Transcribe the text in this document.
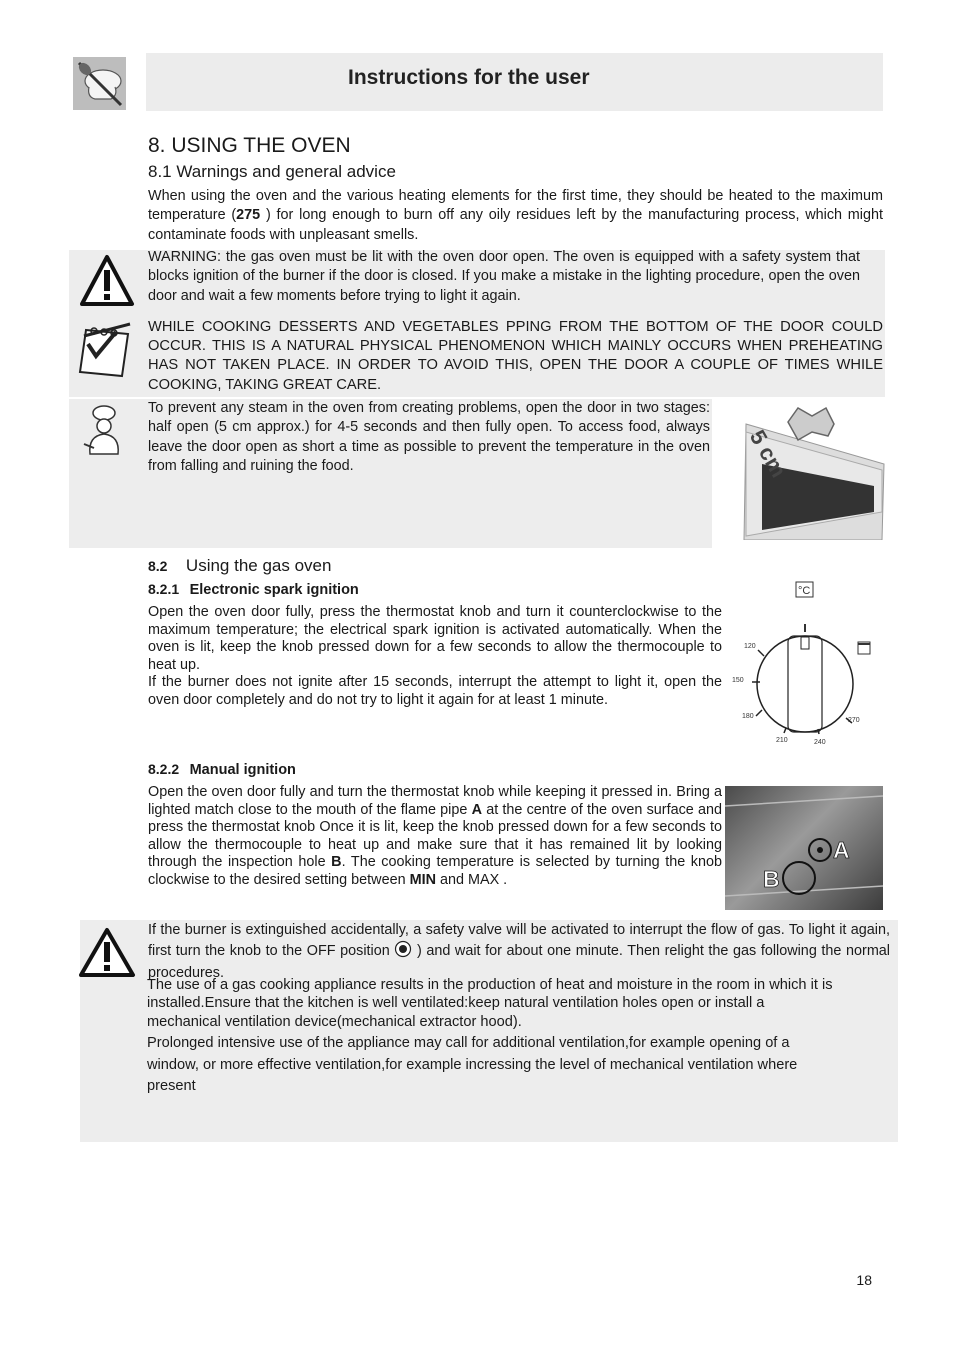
Instructions for the user
8. USING THE OVEN
8.1 Warnings and general advice
When using the oven and the various heating elements for the first time, they should be heated to the maximum temperature (275 ) for long enough to burn off any oily residues left by the manufacturing process, which might contaminate foods with unpleasant smells.
WARNING: the gas oven must be lit with the oven door open. The oven is equipped with a safety system that blocks ignition of the burner if the door is closed. If you make a mistake in the lighting procedure, open the oven door and wait a few moments before trying to light it again.
WHILE COOKING DESSERTS AND VEGETABLES PPING FROM THE BOTTOM OF THE DOOR COULD OCCUR. THIS IS A NATURAL PHYSICAL PHENOMENON WHICH MAINLY OCCURS WHEN PREHEATING HAS NOT TAKEN PLACE. IN ORDER TO AVOID THIS, OPEN THE DOOR A COUPLE OF TIMES WHILE COOKING, TAKING GREAT CARE.
To prevent any steam in the oven from creating problems, open the door in two stages: half open (5 cm approx.) for 4-5 seconds and then fully open. To access food, always leave the door open as short a time as possible to prevent the temperature in the oven from falling and ruining the food.	5 cm
8.2 Using the gas oven
8.2.1 Electronic spark ignition
Open the oven door fully, press the thermostat knob and turn it counterclockwise to the maximum temperature; the electrical spark ignition is activated automatically. When the oven is lit, keep the knob pressed down for a few seconds to allow the thermocouple to heat up.
If the burner does not ignite after 15 seconds, interrupt the attempt to light it, open the oven door completely and do not try to light it again for at least 1 minute.
°C
120
150
180
210	240
270
8.2.2 Manual ignition
Open the oven door fully and turn the thermostat knob while keeping it pressed in. Bring a lighted match close to the mouth of the flame pipe A at the centre of the oven surface and press the thermostat knob Once it is lit, keep the knob pressed down for a few seconds to allow the thermocouple to heat up and make sure that it has remained lit by looking through the inspection hole B. The cooking temperature is selected by turning the knob clockwise to the desired setting between MIN and MAX .
A
B
If the burner is extinguished accidentally, a safety valve will be activated to interrupt the flow of gas. To light it again, first turn the knob to the OFF position  ) and wait for about one minute. Then relight the gas following the normal procedures.
The use of a gas cooking appliance results in the production of heat and moisture in the room in which it is installed.Ensure that the kitchen is well ventilated:keep natural ventilation holes open or install a mechanical ventilation device(mechanical extractor hood).
Prolonged intensive use of the appliance may call for additional ventilation,for example opening of a window, or more effective ventilation,for example incressing the level of mechanical ventilation where present
18
